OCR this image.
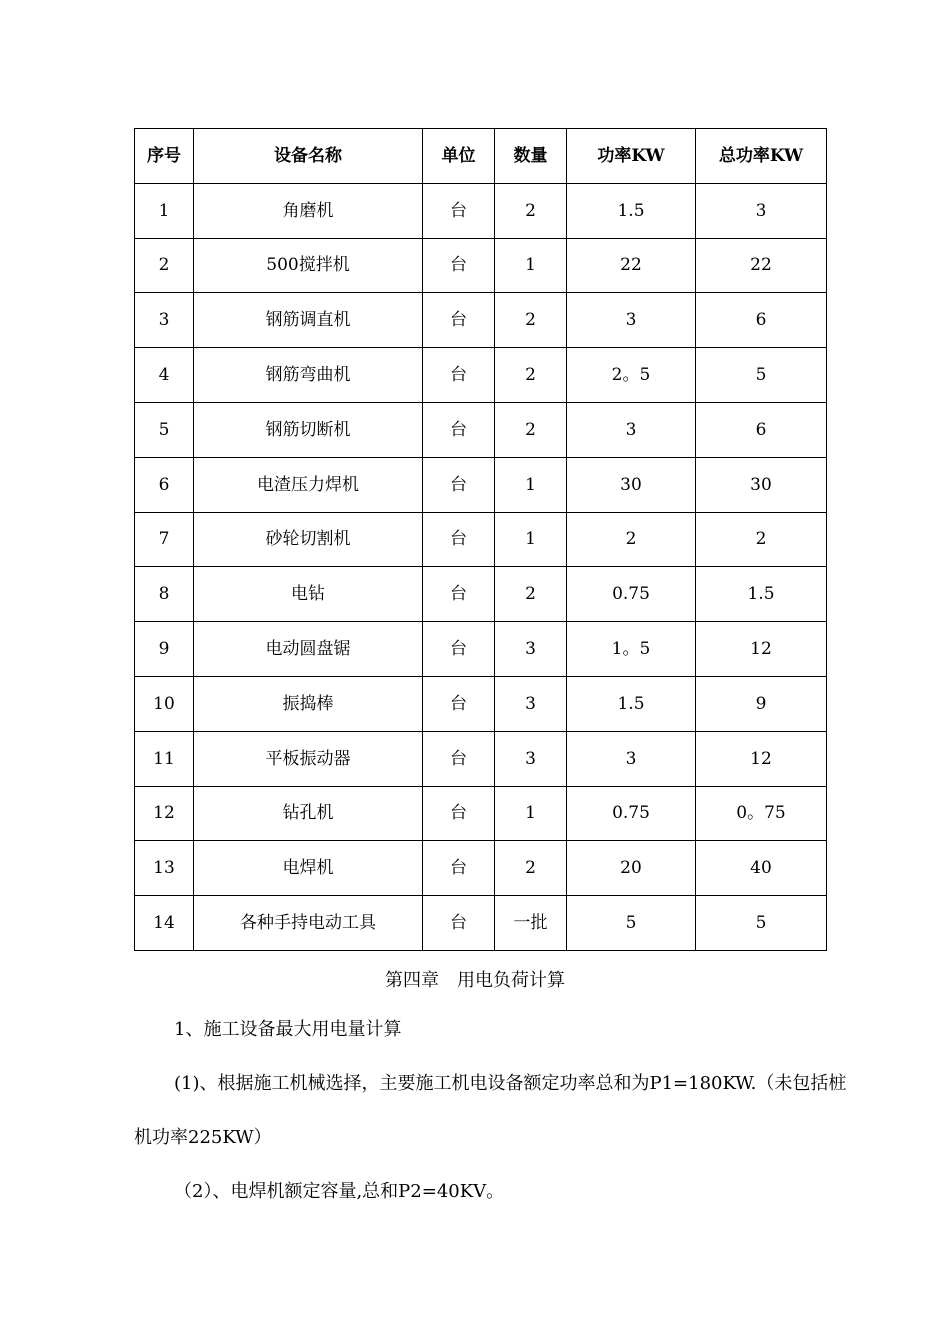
序号	设备名称	单位	数量	功率KW	总功率KW
1	角磨机	台	2	1.5	3
2	500搅拌机	台	1	22	22
3	钢筋调直机	台	2	3	6
4	钢筋弯曲机	台	2	2。5	5
5	钢筋切断机	台	2	3	6
6	电渣压力焊机	台	1	30	30
7	砂轮切割机	台	1	2	2
8	电钻	台	2	0.75	1.5
9	电动圆盘锯	台	3	1。5	12
10	振捣棒	台	3	1.5	9
11	平板振动器	台	3	3	12
12	钻孔机	台	1	0.75	0。75
13	电焊机	台	2	20	40
14	各种手持电动工具	台	一批	5	5
第四章　用电负荷计算

1、施工设备最大用电量计算

(1)、根据施工机械选择，主要施工机电设备额定功率总和为P1=180KW.（未包括桩

机功率225KW）

（2）、电焊机额定容量,总和P2=40KV。
